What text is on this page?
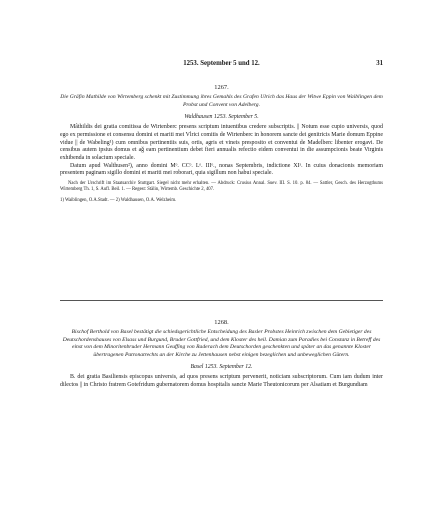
1253. September 5 und 12.	31

1267.

Die Gräfin Mathilde von Wirtemberg schenkt mit Zustimmung ihres Gemahls des Grafen Ulrich das Haus der Witwe Eppin von Waiblingen dem Probst und Convent von Adelberg.

Waldhausen 1253. September 5.

Mâthildis dei gratia comitissa de Wirtenberc presens scriptum intuentibus credere subscriptis. || Notum esse cupio universis, quod ego ex permissione et consensu domini et mariti mei Vlrici comitis de Wirtenberc in honorem sancte dei genitricis Marie domum Eppine vidue || de Wabeling¹) cum omnibus pertinentiis suis, ortis, agris et vineis presposito et conventui de Madelberc libenter erogavi. De censibus autem ipsius domus et ağ eam pertinentium debet fieri annualis refectio eidem conventui in die assumpcionis beate Virginis exhibenda in solacium speciale.

Datum apud Walthusen²), anno domini Mᵒ. CCᵒ. Lᵒ. IIIᵒ., nonas Septembris, indictione XIᵃ. In cuius donacionis memoriam presentem paginam sigillo domini et mariti mei roborari, quia sigillum non habui speciale.

Nach der Urschrift im Staatsarchiv Stuttgart. Siegel nicht mehr erhalten. — Abdruck: Crusius Annal. Suev. III. S. 10. p. 84. — Sattler, Gesch. des Herzogthums Wirtemberg Th. 1, S. Aufl. Beil. 1. — Regest: Stälin, Wirtemb. Geschichte 2, 407.

1) Waiblingen, O.A.Stadt. — 2) Waldhausen, O.A. Welzheim.

1268.

Bischof Berthold von Basel bestätigt die schiedsgerichtliche Entscheidung des Basler Probstes Heinrich zwischen dem Gebietiger des Deutschordenshauses von Elsass und Burgund, Bruder Gottfried, und dem Kloster des heil. Damian zum Paradies bei Constanz in Betreff des einst von dem Minoritenbruder Hermann Geuffing von Raderach dem Deutschorden geschenkten und später an das genannte Kloster übertragenen Patronatrechts an der Kirche zu Jettenhausen nebst einigen bezeglichen und unbeweglichen Gütern.

Basel 1253. September 12.

B. dei gratia Basiliensis episcopus universis, ad quos presens scriptum pervenerit, noticiam subscriptorum. Cum iam dudum inter dilectos || in Christo fratrem Gotefridum gubernatorem domus hospitalis sancte Marie Theutonicorum per Alsatiam et Burgundiam
